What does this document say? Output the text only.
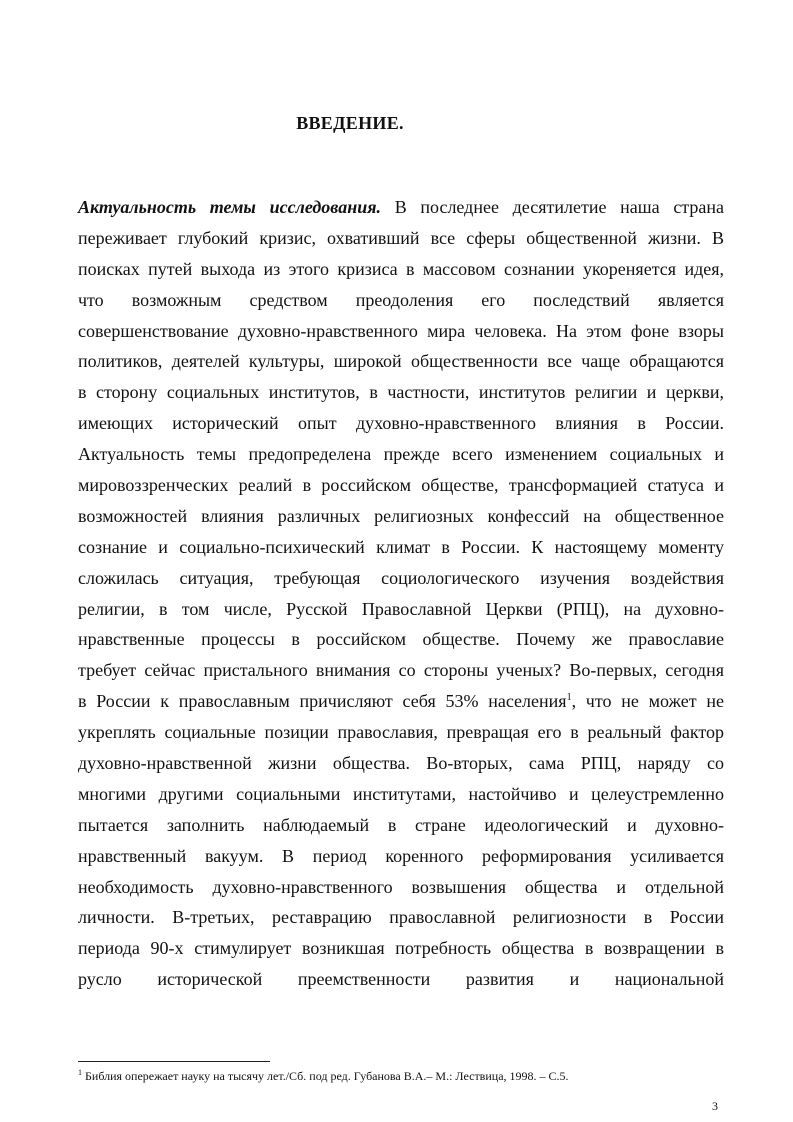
ВВЕДЕНИЕ.
Актуальность темы исследования. В последнее десятилетие наша страна
переживает глубокий кризис, охвативший все сферы общественной жизни. В
поисках путей выхода из этого кризиса в массовом сознании укореняется идея,
что возможным средством преодоления его последствий является
совершенствование духовно-нравственного мира человека. На этом фоне взоры
политиков, деятелей культуры, широкой общественности все чаще обращаются
в сторону социальных институтов, в частности, институтов религии и церкви,
имеющих исторический опыт духовно-нравственного влияния в России.
Актуальность темы предопределена прежде всего изменением социальных и
мировоззренческих реалий в российском обществе, трансформацией статуса и
возможностей влияния различных религиозных конфессий на общественное
сознание и социально-психический климат в России. К настоящему моменту
сложилась ситуация, требующая социологического изучения воздействия
религии, в том числе, Русской Православной Церкви (РПЦ), на духовно-
нравственные процессы в российском обществе. Почему же православие
требует сейчас пристального внимания со стороны ученых? Во-первых, сегодня
в России к православным причисляют себя 53% населения$^1$, что не может не
укреплять социальные позиции православия, превращая его в реальный фактор
духовно-нравственной жизни общества. Во-вторых, сама РПЦ, наряду со
многими другими социальными институтами, настойчиво и целеустремленно
пытается заполнить наблюдаемый в стране идеологический и духовно-
нравственный вакуум. В период коренного реформирования усиливается
необходимость духовно-нравственного возвышения общества и отдельной
личности. В-третьих, реставрацию православной религиозности в России
периода 90-х стимулирует возникшая потребность общества в возвращении в
русло исторической преемственности развития и национальной
$^1$ Библия опережает науку на тысячу лет./Сб. под ред. Губанова В.А.– М.: Лествица, 1998. – С.5.
3
